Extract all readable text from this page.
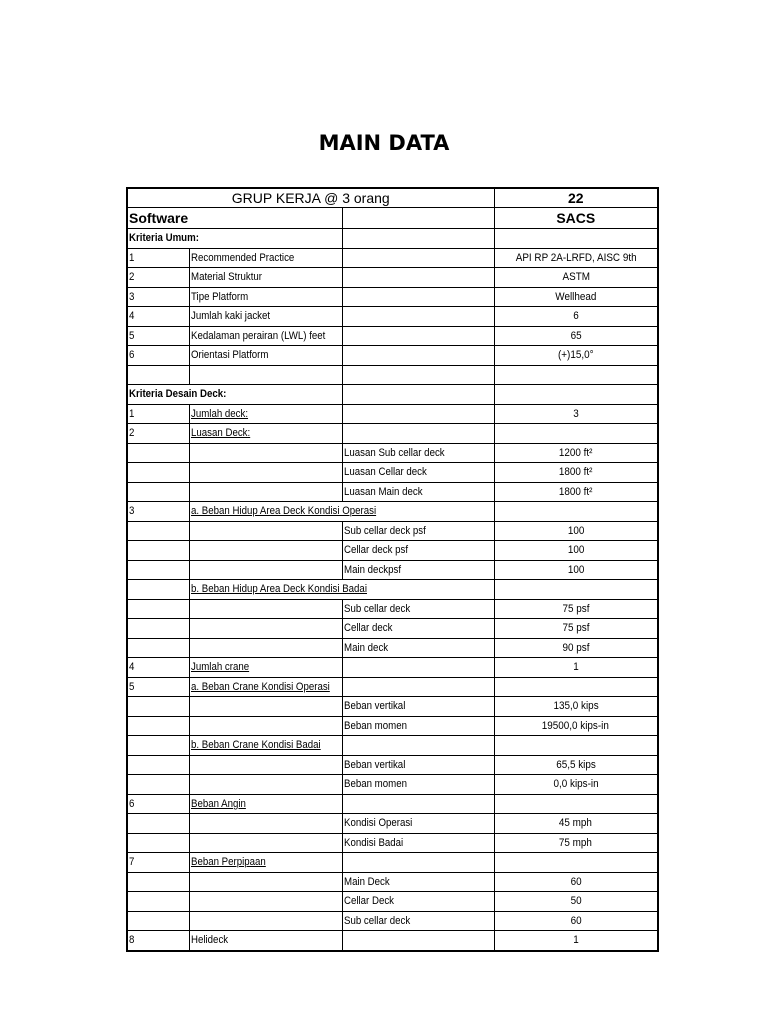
MAIN DATA
GRUP KERJA @ 3 orang			22
Software			SACS
Kriteria Umum:			
1	Recommended Practice		API RP 2A-LRFD, AISC 9th
2	Material Struktur		ASTM
3	Tipe Platform		Wellhead
4	Jumlah kaki jacket		6
5	Kedalaman perairan (LWL) feet		65
6	Orientasi Platform		(+)15,0°

Kriteria Desain Deck:			
1	Jumlah deck:		3
2	Luasan Deck:		
		Luasan Sub cellar deck	1200 ft²
		Luasan Cellar deck	1800 ft²
		Luasan Main deck	1800 ft²
3	a. Beban Hidup Area Deck Kondisi Operasi		
		Sub cellar deck psf	100
		Cellar deck psf	100
		Main deckpsf	100
	b. Beban Hidup Area Deck Kondisi Badai		
		Sub cellar deck	75 psf
		Cellar deck	75 psf
		Main deck	90 psf
4	Jumlah crane		1
5	a. Beban Crane Kondisi Operasi		
		Beban vertikal	135,0 kips
		Beban momen	19500,0 kips-in
	b. Beban Crane Kondisi Badai		
		Beban vertikal	65,5 kips
		Beban momen	0,0 kips-in
6	Beban Angin		
		Kondisi Operasi	45 mph
		Kondisi Badai	75 mph
7	Beban Perpipaan		
		Main Deck	60
		Cellar Deck	50
		Sub cellar deck	60
8	Helideck		1
